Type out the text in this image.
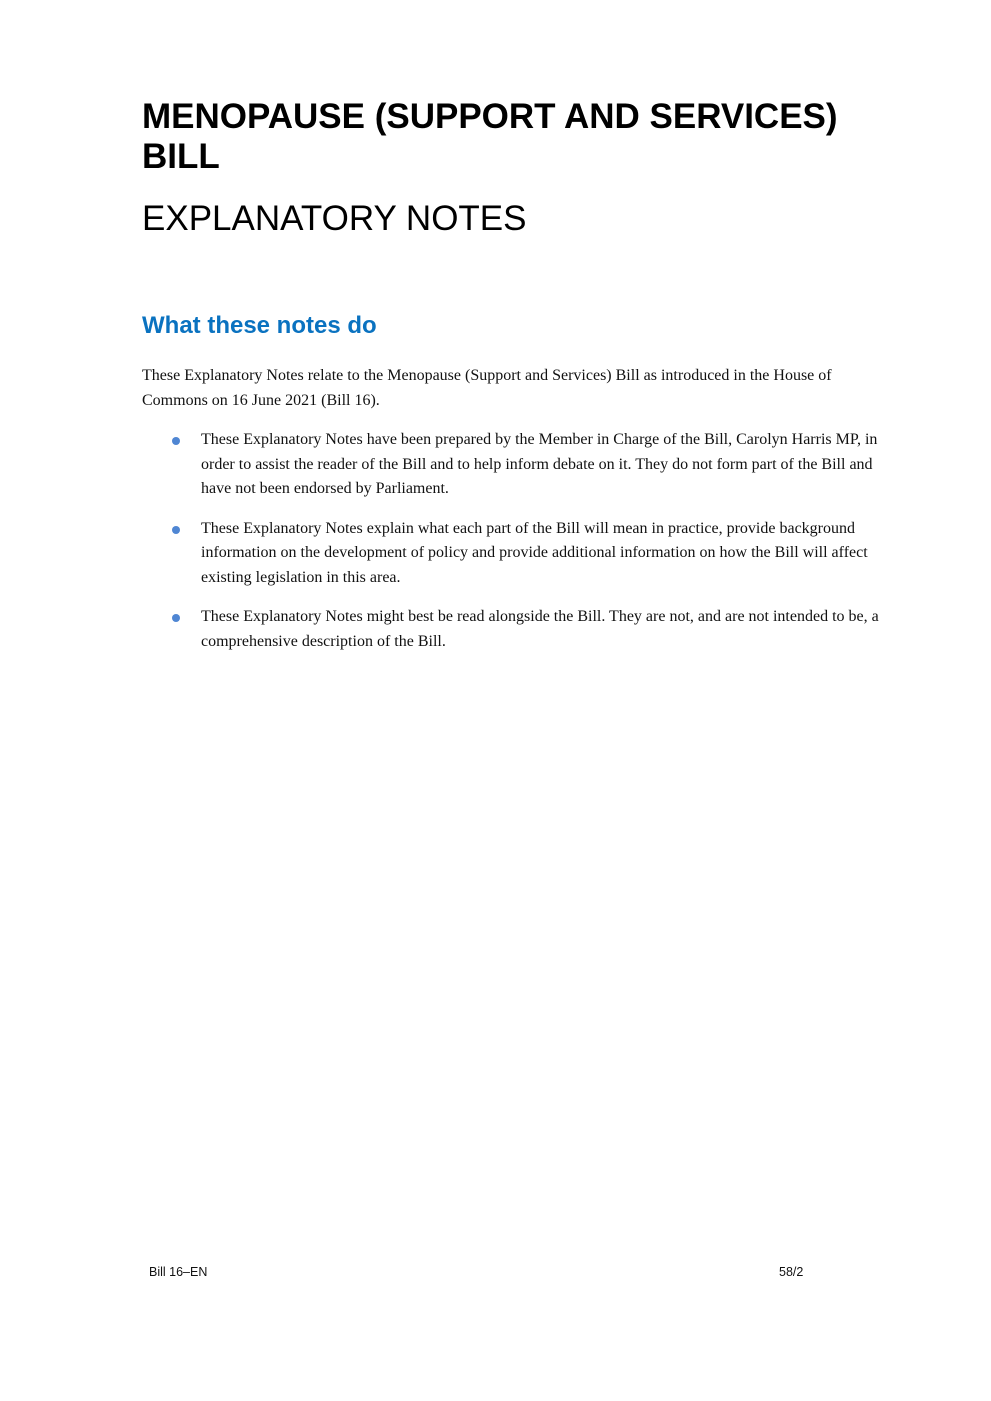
MENOPAUSE (SUPPORT AND SERVICES) BILL
EXPLANATORY NOTES
What these notes do

These Explanatory Notes relate to the Menopause (Support and Services) Bill as introduced in the House of Commons on 16 June 2021 (Bill 16).

These Explanatory Notes have been prepared by the Member in Charge of the Bill, Carolyn Harris MP, in order to assist the reader of the Bill and to help inform debate on it. They do not form part of the Bill and have not been endorsed by Parliament.
These Explanatory Notes explain what each part of the Bill will mean in practice, provide background information on the development of policy and provide additional information on how the Bill will affect existing legislation in this area.
These Explanatory Notes might best be read alongside the Bill. They are not, and are not intended to be, a comprehensive description of the Bill.
Bill 16–EN	58/2
